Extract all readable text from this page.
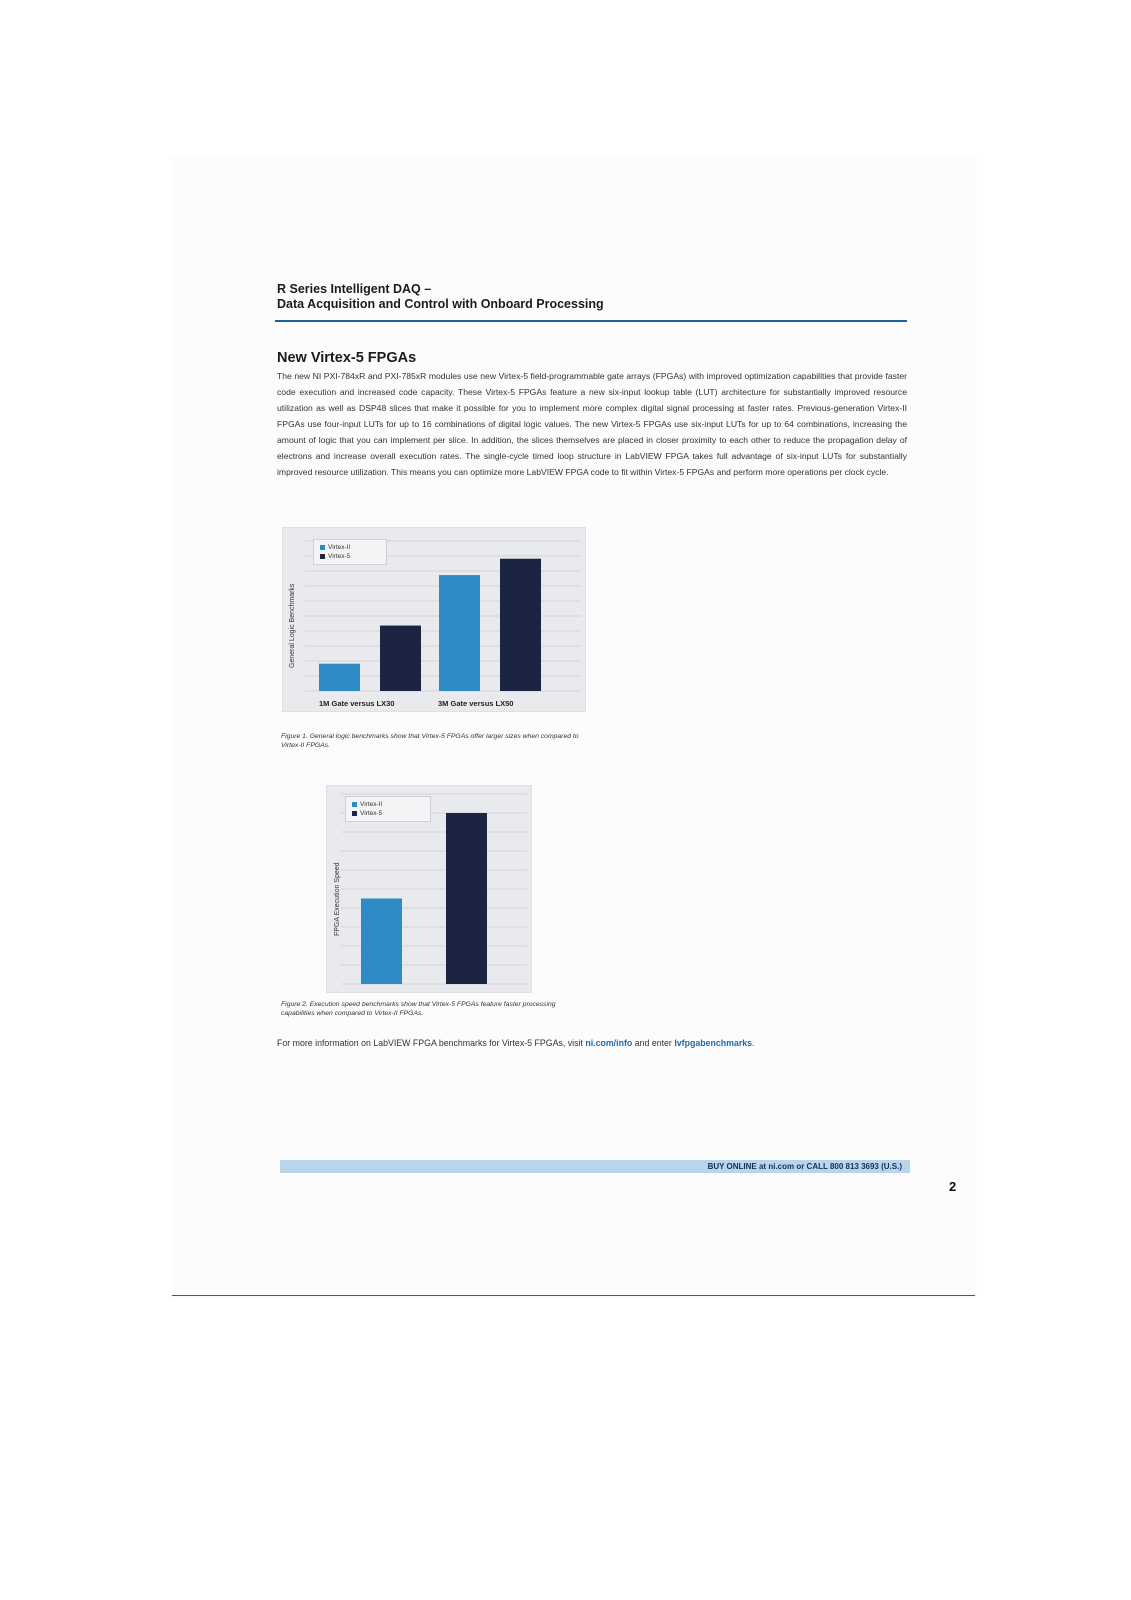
R Series Intelligent DAQ –
Data Acquisition and Control with Onboard Processing
New Virtex-5 FPGAs
The new NI PXI-784xR and PXI-785xR modules use new Virtex-5 field-programmable gate arrays (FPGAs) with improved optimization capabilities that provide faster code execution and increased code capacity. These Virtex-5 FPGAs feature a new six-input lookup table (LUT) architecture for substantially improved resource utilization as well as DSP48 slices that make it possible for you to implement more complex digital signal processing at faster rates. Previous-generation Virtex-II FPGAs use four-input LUTs for up to 16 combinations of digital logic values. The new Virtex-5 FPGAs use six-input LUTs for up to 64 combinations, increasing the amount of logic that you can implement per slice. In addition, the slices themselves are placed in closer proximity to each other to reduce the propagation delay of electrons and increase overall execution rates. The single-cycle timed loop structure in LabVIEW FPGA takes full advantage of six-input LUTs for substantially improved resource utilization. This means you can optimize more LabVIEW FPGA code to fit within Virtex-5 FPGAs and perform more operations per clock cycle.
Virtex-II
Virtex-5
General Logic Benchmarks
1M Gate versus LX30	3M Gate versus LX50
Figure 1. General logic benchmarks show that Virtex-5 FPGAs offer larger sizes when compared to Virtex-II FPGAs.
Virtex-II
Virtex-5
FPGA Execution Speed
Figure 2. Execution speed benchmarks show that Virtex-5 FPGAs feature faster processing capabilities when compared to Virtex-II FPGAs.
For more information on LabVIEW FPGA benchmarks for Virtex-5 FPGAs, visit ni.com/info and enter lvfpgabenchmarks.
BUY ONLINE at ni.com or CALL 800 813 3693 (U.S.)
2
